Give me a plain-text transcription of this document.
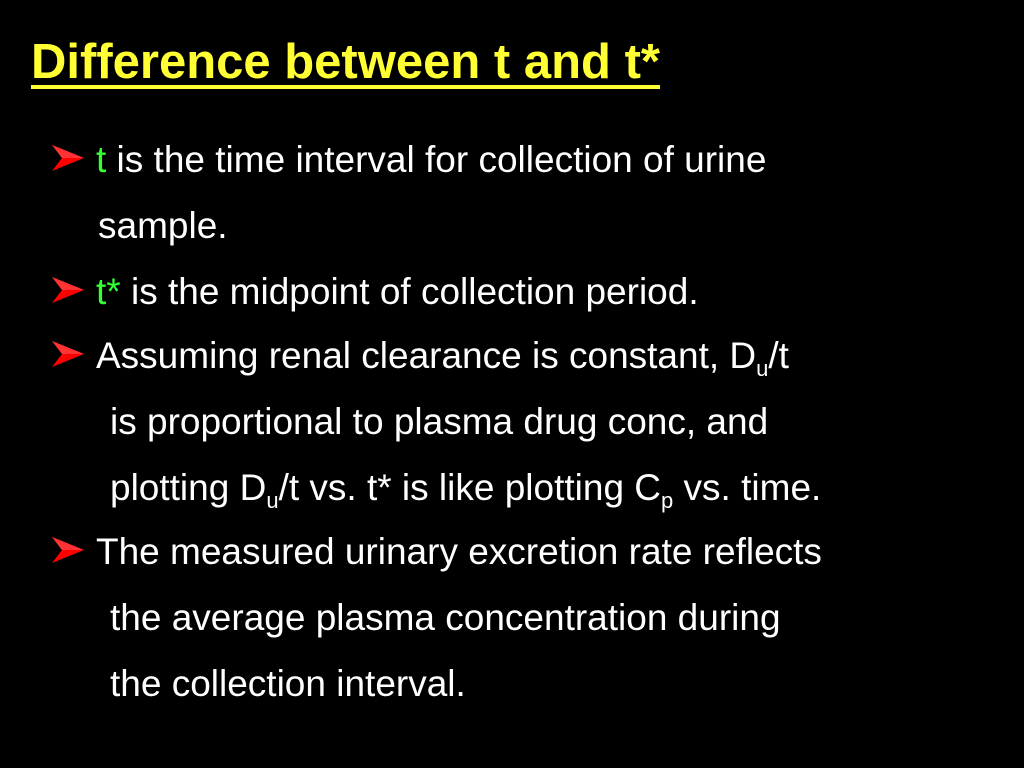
Difference between t and t*
t is the time interval for collection of urine
sample.
t* is the midpoint of collection period.
Assuming renal clearance is constant, $D_u/t$
is proportional to plasma drug conc, and
plotting $D_u/t$ vs. t* is like plotting $C_p$ vs. time.
The measured urinary excretion rate reflects
the average plasma concentration during
the collection interval.
